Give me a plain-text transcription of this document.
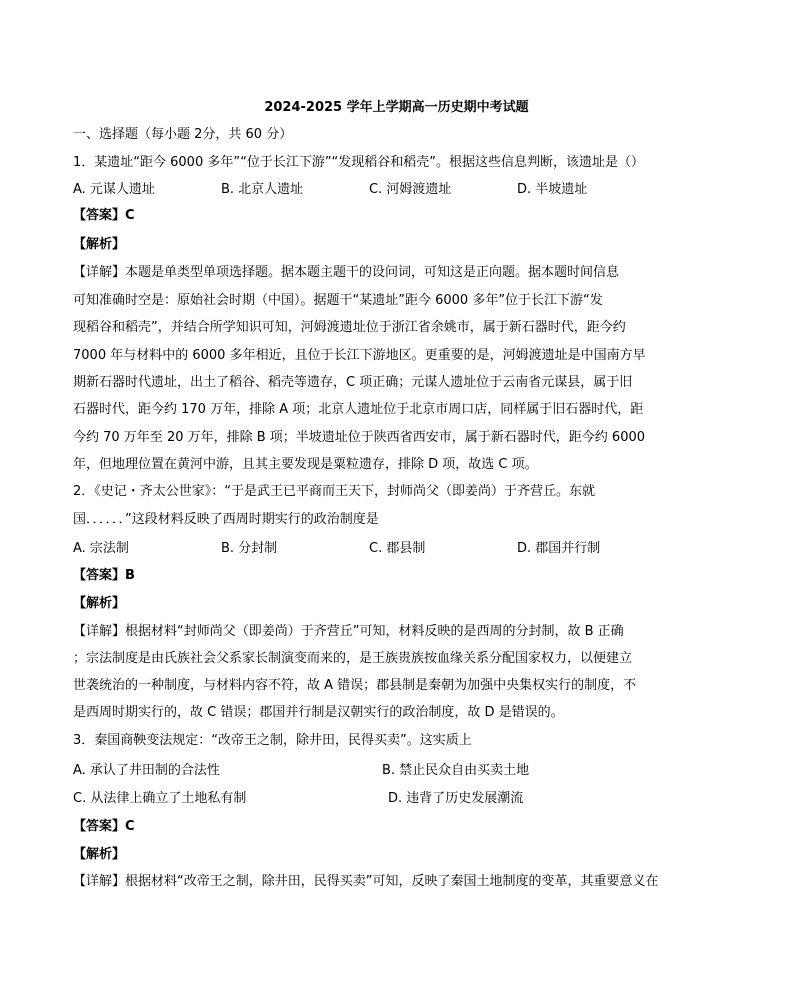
2024-2025 学年上学期高一历史期中考试题
一、选择题（每小题 2分，共 60 分）
1．某遗址“距今 6000 多年”“位于长江下游”“发现稻谷和稻壳”。根据这些信息判断，该遗址是（）
A. 元谋人遗址	B. 北京人遗址	C. 河姆渡遗址	D. 半坡遗址
【答案】C
【解析】
【详解】本题是单类型单项选择题。据本题主题干的设问词，可知这是正向题。据本题时间信息
可知准确时空是：原始社会时期（中国）。据题干“某遗址”距今 6000 多年”位于长江下游“发
现稻谷和稻壳”，并结合所学知识可知，河姆渡遗址位于浙江省余姚市，属于新石器时代，距今约
7000 年与材料中的 6000 多年相近，且位于长江下游地区。更重要的是，河姆渡遗址是中国南方早
期新石器时代遗址，出土了稻谷、稻壳等遗存，C 项正确；元谋人遗址位于云南省元谋县，属于旧
石器时代，距今约 170 万年，排除 A 项；北京人遗址位于北京市周口店，同样属于旧石器时代，距
今约 70 万年至 20 万年，排除 B 项；半坡遗址位于陕西省西安市，属于新石器时代，距今约 6000
年，但地理位置在黄河中游，且其主要发现是粟粒遗存，排除 D 项，故选 C 项。
2．《史记・齐太公世家》：“于是武王已平商而王天下，封师尚父（即姜尚）于齐营丘。东就
国．．．．．．”这段材料反映了西周时期实行的政治制度是
A. 宗法制	B. 分封制	C. 郡县制	D. 郡国并行制
【答案】B
【解析】
【详解】根据材料“封师尚父（即姜尚）于齐营丘”可知，材料反映的是西周的分封制，故 B 正确
；宗法制度是由氏族社会父系家长制演变而来的，是王族贵族按血缘关系分配国家权力，以便建立
世袭统治的一种制度，与材料内容不符，故 A 错误；郡县制是秦朝为加强中央集权实行的制度，不
是西周时期实行的，故 C 错误；郡国并行制是汉朝实行的政治制度，故 D 是错误的。
3．秦国商鞅变法规定：“改帝王之制，除井田，民得买卖”。这实质上
A. 承认了井田制的合法性	B. 禁止民众自由买卖土地
C. 从法律上确立了土地私有制	D. 违背了历史发展潮流
【答案】C
【解析】
【详解】根据材料“改帝王之制，除井田，民得买卖”可知，反映了秦国土地制度的变革，其重要意义在
